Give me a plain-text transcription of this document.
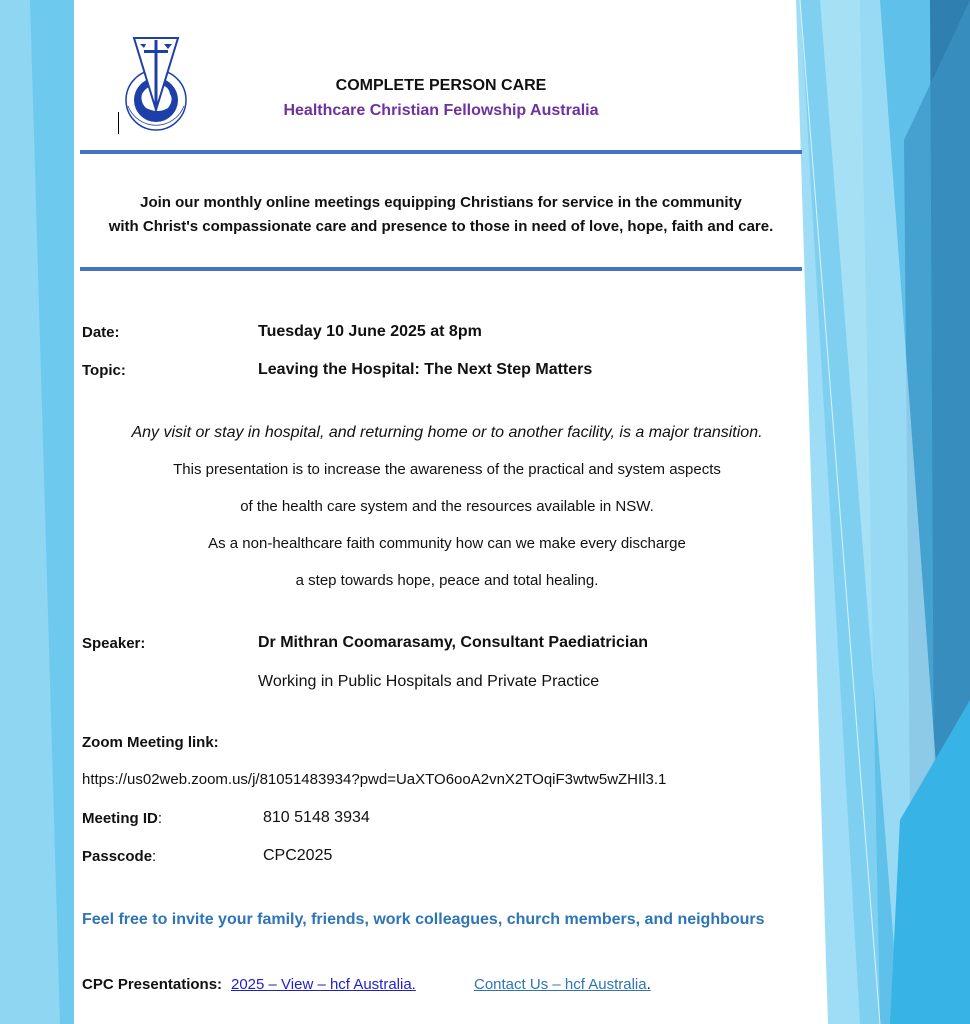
COMPLETE PERSON CARE
Healthcare Christian Fellowship Australia
Join our monthly online meetings equipping Christians for service in the community
with Christ's compassionate care and presence to those in need of love, hope, faith and care.
Date:	Tuesday 10 June 2025 at 8pm
Topic:	Leaving the Hospital: The Next Step Matters
Any visit or stay in hospital, and returning home or to another facility, is a major transition.
This presentation is to increase the awareness of the practical and system aspects
of the health care system and the resources available in NSW.
As a non-healthcare faith community how can we make every discharge
a step towards hope, peace and total healing.
Speaker:	Dr Mithran Coomarasamy, Consultant Paediatrician
Working in Public Hospitals and Private Practice
Zoom Meeting link:
https://us02web.zoom.us/j/81051483934?pwd=UaXTO6ooA2vnX2TOqiF3wtw5wZHIl3.1
Meeting ID:	810 5148 3934
Passcode:	CPC2025
Feel free to invite your family, friends, work colleagues, church members, and neighbours
CPC Presentations: 2025 – View – hcf Australia.	Contact Us – hcf Australia.
